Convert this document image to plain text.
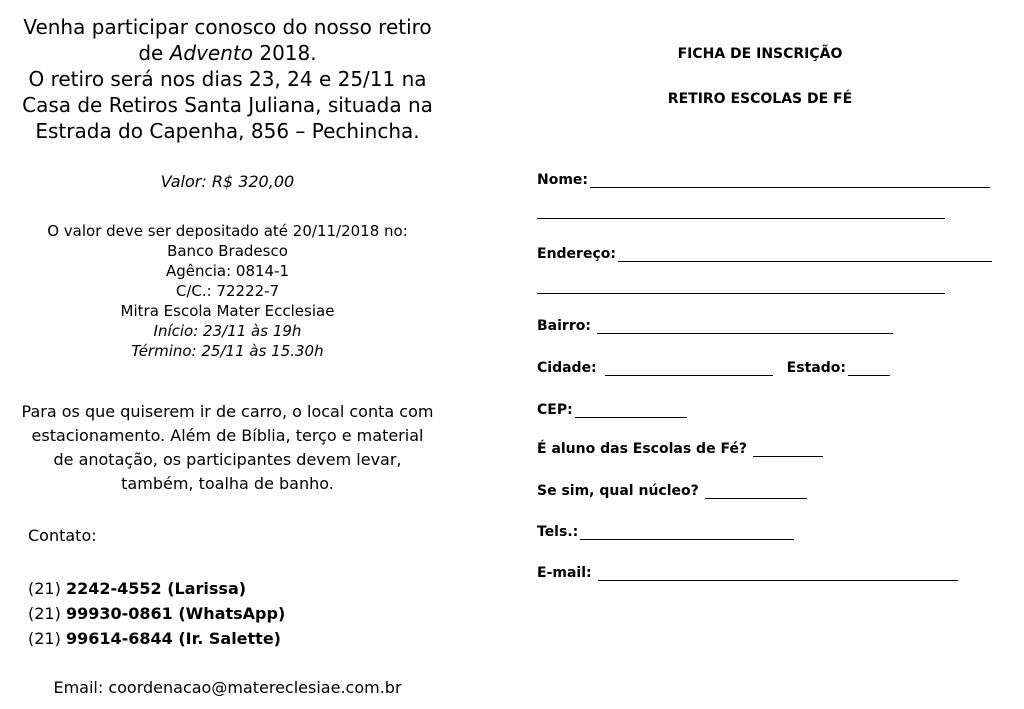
Venha participar conosco do nosso retiro
de Advento 2018.
O retiro será nos dias 23, 24 e 25/11 na
Casa de Retiros Santa Juliana, situada na
Estrada do Capenha, 856 – Pechincha.
Valor: R$ 320,00
O valor deve ser depositado até 20/11/2018 no:
Banco Bradesco
Agência: 0814-1
C/C.: 72222-7
Mitra Escola Mater Ecclesiae
Início: 23/11 às 19h
Término: 25/11 às 15.30h
Para os que quiserem ir de carro, o local conta com estacionamento. Além de Bíblia, terço e material de anotação, os participantes devem levar, também, toalha de banho.
Contato:
(21) 2242-4552 (Larissa)
(21) 99930-0861 (WhatsApp)
(21) 99614-6844 (Ir. Salette)
Email: coordenacao@matereclesiae.com.br
FICHA DE INSCRIÇÃO
RETIRO ESCOLAS DE FÉ
Nome:
Endereço:
Bairro:
Cidade:	Estado:
CEP:
É aluno das Escolas de Fé?
Se sim, qual núcleo?
Tels.:
E-mail:
